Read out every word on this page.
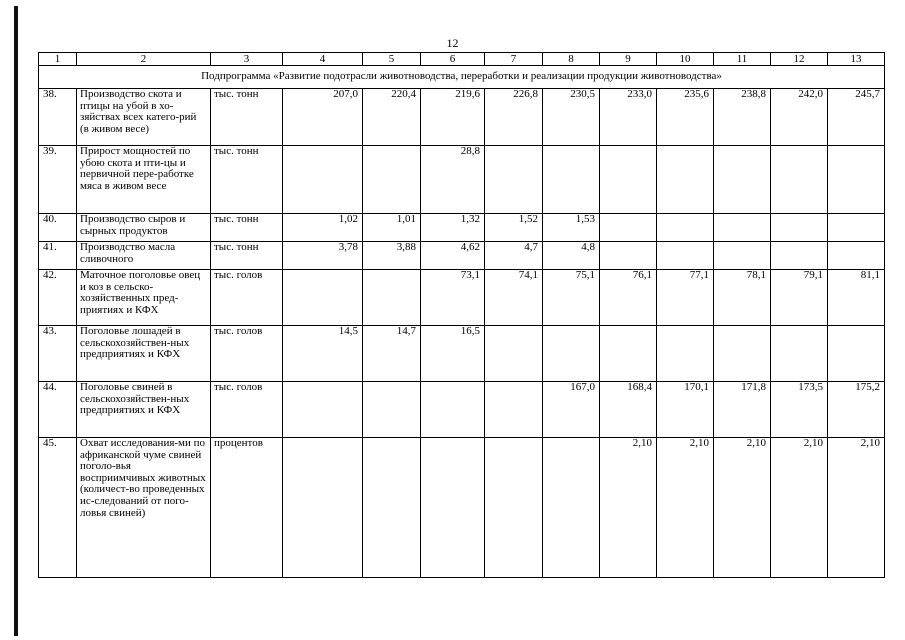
12
1	2	3	4	5	6	7	8	9	10	11	12	13
Подпрограмма «Развитие подотрасли животноводства, переработки и реализации продукции животноводства»												
38.	Производство скота и птицы на убой в хо-зяйствах всех катего-рий (в живом весе)	тыс. тонн	207,0	220,4	219,6	226,8	230,5	233,0	235,6	238,8	242,0	245,7
39.	Прирост мощностей по убою скота и пти-цы и первичной пере-работке мяса в живом весе	тыс. тонн			28,8							
40.	Производство сыров и сырных продуктов	тыс. тонн	1,02	1,01	1,32	1,52	1,53					
41.	Производство масла сливочного	тыс. тонн	3,78	3,88	4,62	4,7	4,8					
42.	Маточное поголовье овец и коз в сельско-хозяйственных пред-приятиях и КФХ	тыс. голов			73,1	74,1	75,1	76,1	77,1	78,1	79,1	81,1
43.	Поголовье лошадей в сельскохозяйствен-ных предприятиях и КФХ	тыс. голов	14,5	14,7	16,5							
44.	Поголовье свиней в сельскохозяйствен-ных предприятиях и КФХ	тыс. голов					167,0	168,4	170,1	171,8	173,5	175,2
45.	Охват исследования-ми по африканской чуме свиней поголо-вья восприимчивых животных (количест-во проведенных ис-следований от пого-ловья свиней)	процентов						2,10	2,10	2,10	2,10	2,10
